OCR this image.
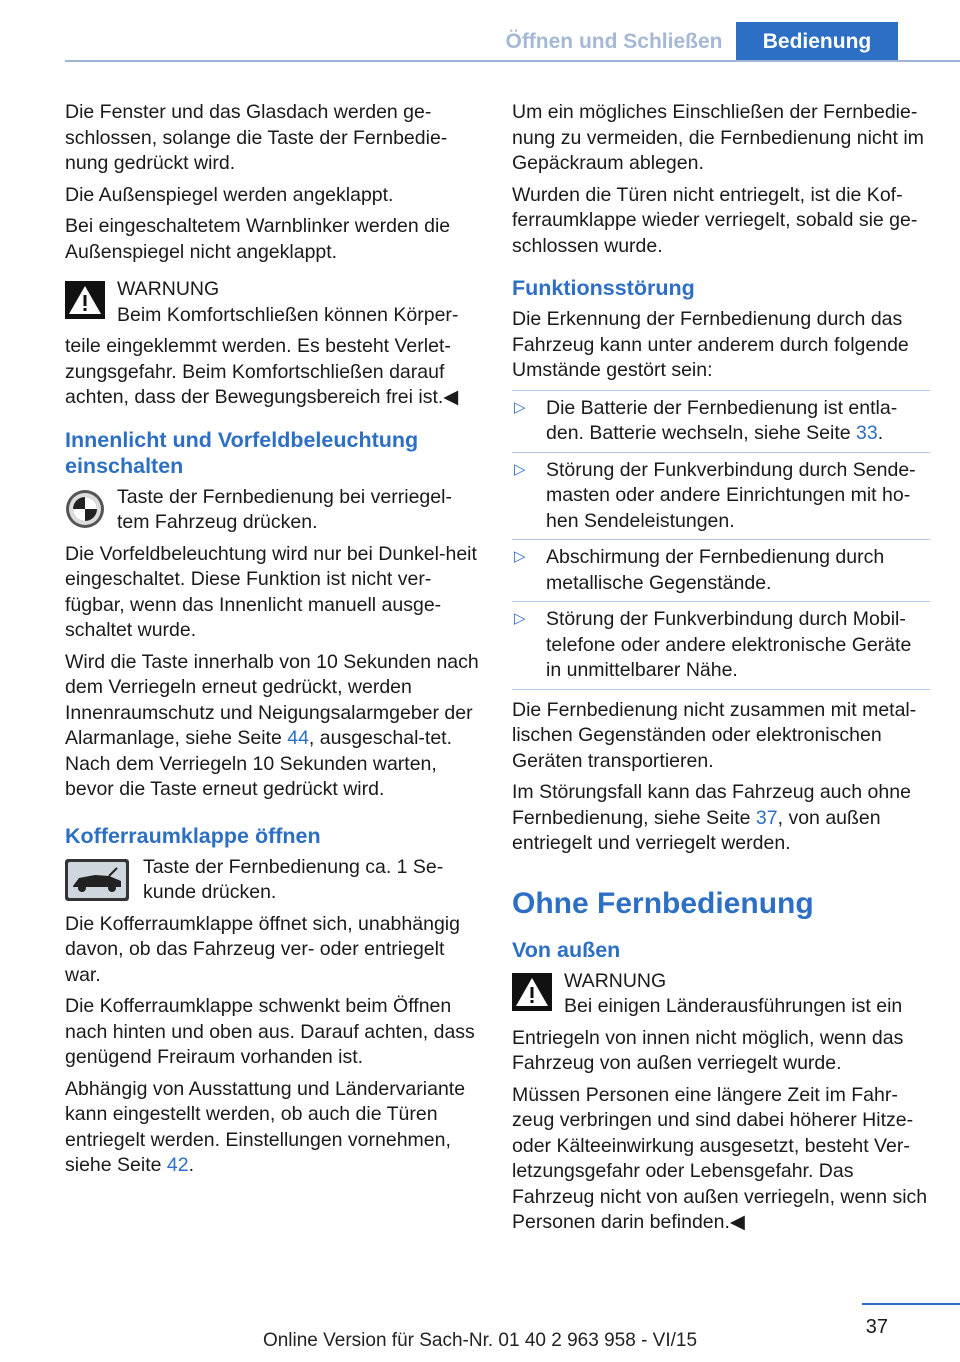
Öffnen und Schließen	Bedienung

Die Fenster und das Glasdach werden ge‐schlossen, solange die Taste der Fernbedie‐nung gedrückt wird.

Die Außenspiegel werden angeklappt.

Bei eingeschaltetem Warnblinker werden die Außenspiegel nicht angeklappt.

WARNUNG
Beim Komfortschließen können Körper‐

teile eingeklemmt werden. Es besteht Verlet‐zungsgefahr. Beim Komfortschließen darauf achten, dass der Bewegungsbereich frei ist.◀

Innenlicht und Vorfeldbeleuchtung einschalten
Taste der Fernbedienung bei verriegel‐tem Fahrzeug drücken.

Die Vorfeldbeleuchtung wird nur bei Dunkel‐heit eingeschaltet. Diese Funktion ist nicht ver‐fügbar, wenn das Innenlicht manuell ausge‐schaltet wurde.

Wird die Taste innerhalb von 10 Sekunden nach dem Verriegeln erneut gedrückt, werden Innenraumschutz und Neigungsalarmgeber der Alarmanlage, siehe Seite 44, ausgeschal‐tet. Nach dem Verriegeln 10 Sekunden warten, bevor die Taste erneut gedrückt wird.

Kofferraumklappe öffnen
Taste der Fernbedienung ca. 1 Se‐kunde drücken.

Die Kofferraumklappe öffnet sich, unabhängig davon, ob das Fahrzeug ver- oder entriegelt war.

Die Kofferraumklappe schwenkt beim Öffnen nach hinten und oben aus. Darauf achten, dass genügend Freiraum vorhanden ist.

Abhängig von Ausstattung und Ländervariante kann eingestellt werden, ob auch die Türen entriegelt werden. Einstellungen vornehmen, siehe Seite 42.

Um ein mögliches Einschließen der Fernbedie‐nung zu vermeiden, die Fernbedienung nicht im Gepäckraum ablegen.

Wurden die Türen nicht entriegelt, ist die Kof‐ferraumklappe wieder verriegelt, sobald sie ge‐schlossen wurde.

Funktionsstörung

Die Erkennung der Fernbedienung durch das Fahrzeug kann unter anderem durch folgende Umstände gestört sein:

▷ Die Batterie der Fernbedienung ist entla‐den. Batterie wechseln, siehe Seite 33.
▷ Störung der Funkverbindung durch Sende‐masten oder andere Einrichtungen mit ho‐hen Sendeleistungen.
▷ Abschirmung der Fernbedienung durch metallische Gegenstände.
▷ Störung der Funkverbindung durch Mobil‐telefone oder andere elektronische Geräte in unmittelbarer Nähe.

Die Fernbedienung nicht zusammen mit metal‐lischen Gegenständen oder elektronischen Geräten transportieren.

Im Störungsfall kann das Fahrzeug auch ohne Fernbedienung, siehe Seite 37, von außen entriegelt und verriegelt werden.

Ohne Fernbedienung
Von außen
WARNUNG
Bei einigen Länderausführungen ist ein

Entriegeln von innen nicht möglich, wenn das Fahrzeug von außen verriegelt wurde.

Müssen Personen eine längere Zeit im Fahr‐zeug verbringen und sind dabei höherer Hitze- oder Kälteeinwirkung ausgesetzt, besteht Ver‐letzungsgefahr oder Lebensgefahr. Das Fahrzeug nicht von außen verriegeln, wenn sich Personen darin befinden.◀

37
Online Version für Sach-Nr. 01 40 2 963 958 - VI/15
